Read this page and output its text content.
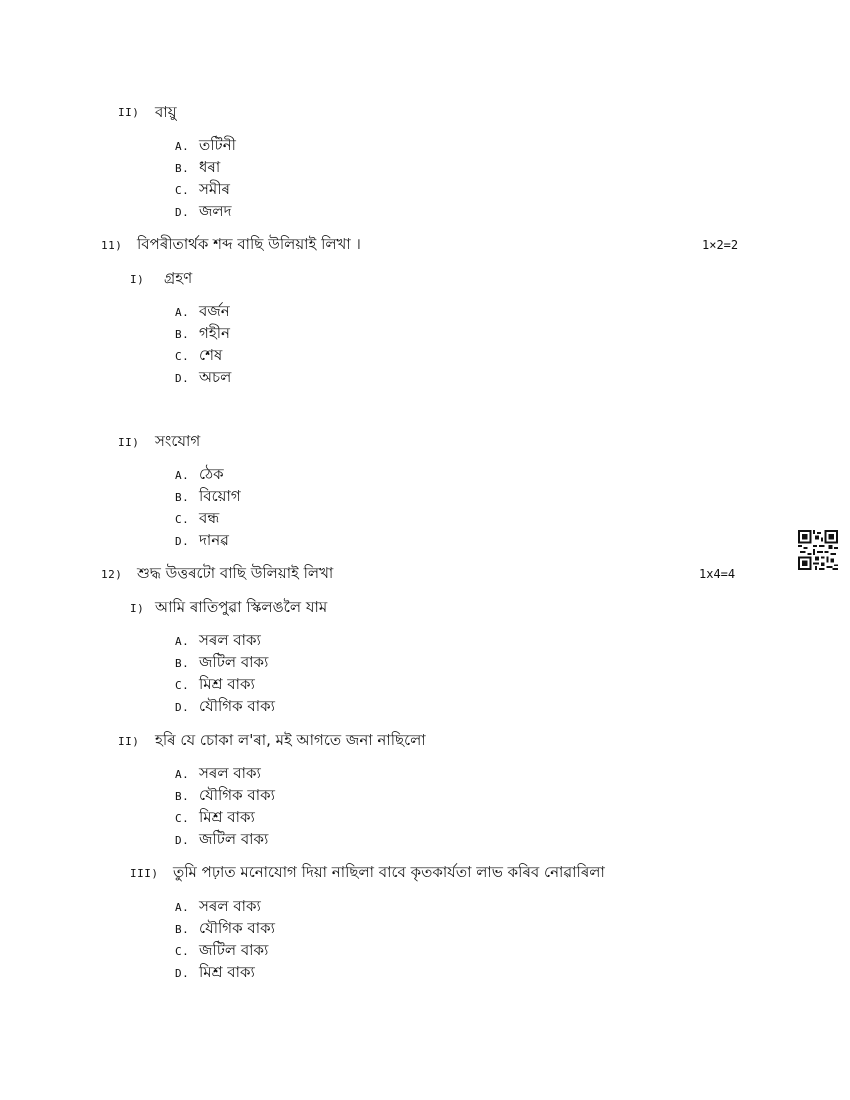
II) বায়ু
A. তটিনী
B. ধৰা
C. সমীৰ
D. জলদ
11) বিপৰীতাৰ্থক শব্দ বাছি উলিয়াই লিখা ।	1×2=2
I) গ্ৰহণ
A. বৰ্জন
B. গহীন
C. শেষ
D. অচল
II) সংযোগ
A. ঠেক
B. বিয়োগ
C. বন্ধ
D. দানৱ
12) শুদ্ধ উত্তৰটো বাছি উলিয়াই লিখা	1x4=4
I) আমি ৰাতিপুৱা স্কিলঙলৈ যাম
A. সৰল বাক্য
B. জটিল বাক্য
C. মিশ্ৰ বাক্য
D. যৌগিক বাক্য
II) হৰি যে চোকা ল'ৰা, মই আগতে জনা নাছিলো
A. সৰল বাক্য
B. যৌগিক বাক্য
C. মিশ্ৰ বাক্য
D. জটিল বাক্য
III) তুমি পঢ়াত মনোযোগ দিয়া নাছিলা বাবে কৃতকাৰ্যতা লাভ কৰিব নোৱাৰিলা
A. সৰল বাক্য
B. যৌগিক বাক্য
C. জটিল বাক্য
D. মিশ্ৰ বাক্য
